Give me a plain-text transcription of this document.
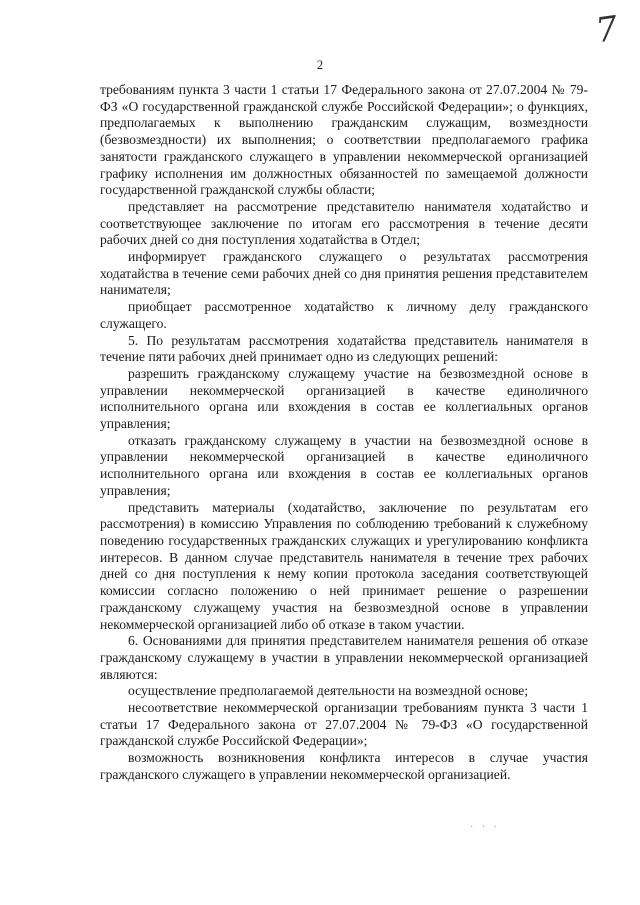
7
2

требованиям пункта 3 части 1 статьи 17 Федерального закона от 27.07.2004 № 79-ФЗ «О государственной гражданской службе Российской Федерации»; о функциях, предполагаемых к выполнению гражданским служащим, возмездности (безвозмездности) их выполнения; о соответствии предполагаемого графика занятости гражданского служащего в управлении некоммерческой организацией графику исполнения им должностных обязанностей по замещаемой должности государственной гражданской службы области;

представляет на рассмотрение представителю нанимателя ходатайство и соответствующее заключение по итогам его рассмотрения в течение десяти рабочих дней со дня поступления ходатайства в Отдел;

информирует гражданского служащего о результатах рассмотрения ходатайства в течение семи рабочих дней со дня принятия решения представителем нанимателя;

приобщает рассмотренное ходатайство к личному делу гражданского служащего.

5. По результатам рассмотрения ходатайства представитель нанимателя в течение пяти рабочих дней принимает одно из следующих решений:

разрешить гражданскому служащему участие на безвозмездной основе в управлении некоммерческой организацией в качестве единоличного исполнительного органа или вхождения в состав ее коллегиальных органов управления;

отказать гражданскому служащему в участии на безвозмездной основе в управлении некоммерческой организацией в качестве единоличного исполнительного органа или вхождения в состав ее коллегиальных органов управления;

представить материалы (ходатайство, заключение по результатам его рассмотрения) в комиссию Управления по соблюдению требований к служебному поведению государственных гражданских служащих и урегулированию конфликта интересов. В данном случае представитель нанимателя в течение трех рабочих дней со дня поступления к нему копии протокола заседания соответствующей комиссии согласно положению о ней принимает решение о разрешении гражданскому служащему участия на безвозмездной основе в управлении некоммерческой организацией либо об отказе в таком участии.

6. Основаниями для принятия представителем нанимателя решения об отказе гражданскому служащему в участии в управлении некоммерческой организацией являются:

осуществление предполагаемой деятельности на возмездной основе;

несоответствие некоммерческой организации требованиям пункта 3 части 1 статьи 17 Федерального закона от 27.07.2004 № 79-ФЗ «О государственной гражданской службе Российской Федерации»;

возможность возникновения конфликта интересов в случае участия гражданского служащего в управлении некоммерческой организацией.

· · ·
